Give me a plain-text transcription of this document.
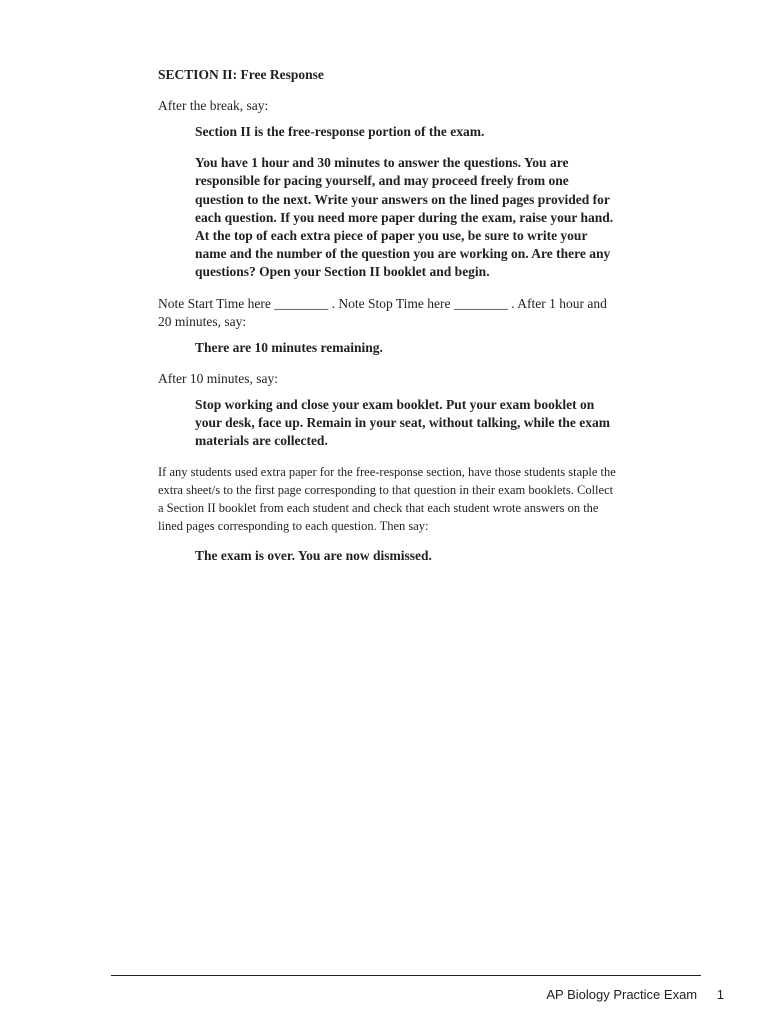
SECTION II: Free Response
After the break, say:
Section II is the free-response portion of the exam.
You have 1 hour and 30 minutes to answer the questions. You are responsible for pacing yourself, and may proceed freely from one question to the next. Write your answers on the lined pages provided for each question. If you need more paper during the exam, raise your hand. At the top of each extra piece of paper you use, be sure to write your name and the number of the question you are working on. Are there any questions? Open your Section II booklet and begin.
Note Start Time here ________ . Note Stop Time here ________ . After 1 hour and 20 minutes, say:
There are 10 minutes remaining.
After 10 minutes, say:
Stop working and close your exam booklet. Put your exam booklet on your desk, face up. Remain in your seat, without talking, while the exam materials are collected.
If any students used extra paper for the free-response section, have those students staple the extra sheet/s to the first page corresponding to that question in their exam booklets. Collect a Section II booklet from each student and check that each student wrote answers on the lined pages corresponding to each question. Then say:
The exam is over. You are now dismissed.
AP Biology Practice Exam 1
